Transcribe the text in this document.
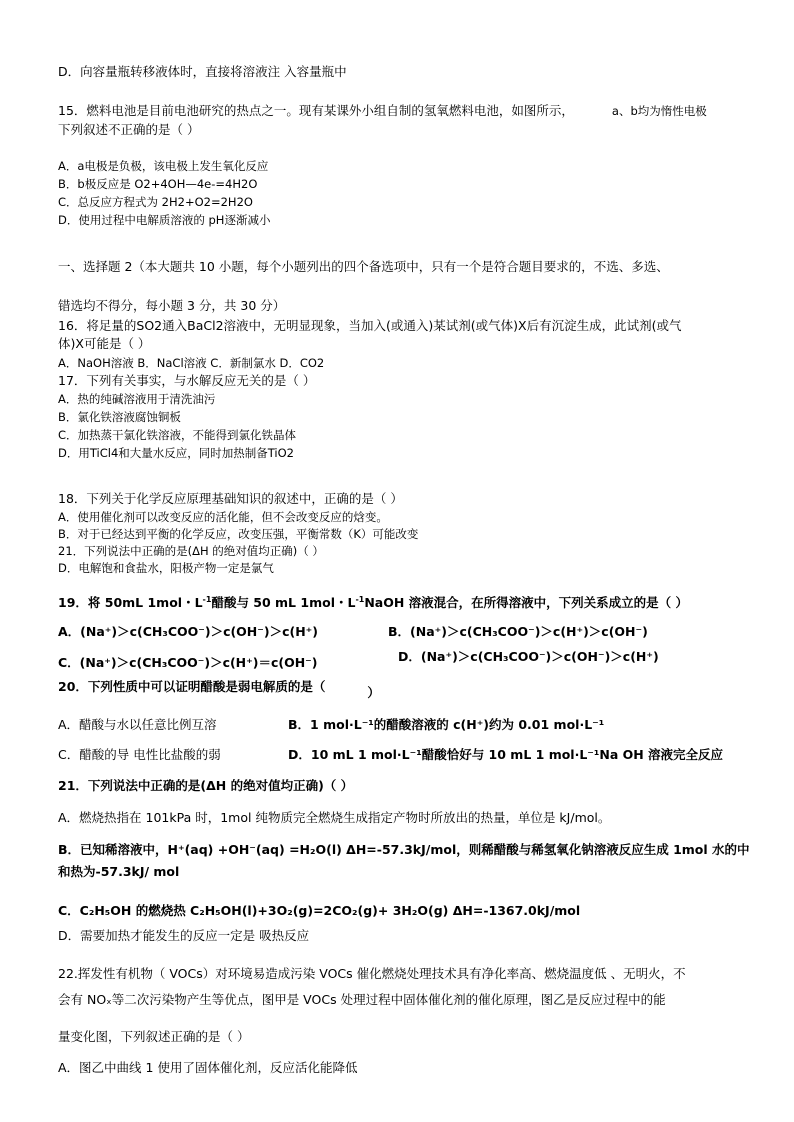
D．向容量瓶转移液体时，直接将溶液注 入容量瓶中
15．燃料电池是目前电池研究的热点之一。现有某课外小组自制的氢氧燃料电池，如图所示，	a、b均为惰性电极
下列叙述不正确的是（ ）
A．a电极是负极，该电极上发生氧化反应
B．b极反应是 O2+4OH—4e-=4H2O
C．总反应方程式为 2H2+O2=2H2O
D．使用过程中电解质溶液的 pH逐渐减小
一、选择题 2（本大题共 10 小题，每个小题列出的四个备选项中，只有一个是符合题目要求的，不选、多选、
错选均不得分，每小题 3 分，共 30 分）
16．将足量的SO2通入BaCl2溶液中，无明显现象，当加入(或通入)某试剂(或气体)X后有沉淀生成，此试剂(或气
体)X可能是（ ）
A．NaOH溶液 B．NaCl溶液 C．新制氯水 D．CO2
17．下列有关事实，与水解反应无关的是（ ）
A．热的纯碱溶液用于清洗油污
B．氯化铁溶液腐蚀铜板
C．加热蒸干氯化铁溶液，不能得到氯化铁晶体
D．用TiCl4和大量水反应，同时加热制备TiO2
18．下列关于化学反应原理基础知识的叙述中，正确的是（ ）
A．使用催化剂可以改变反应的活化能，但不会改变反应的焓变。
B．对于已经达到平衡的化学反应，改变压强，平衡常数（K）可能改变
21．下列说法中正确的是(ΔH 的绝对值均正确)（ ）
D．电解饱和食盐水，阳极产物一定是氯气
19．将 50mL 1mol・$L^{-1}$醋酸与 50 mL 1mol・$L^{-1}NaOH$ 溶液混合，在所得溶液中，下列关系成立的是（ ）
A．(Na⁺)＞c(CH₃COO⁻)＞c(OH⁻)＞c(H⁺)	B．(Na⁺)＞c(CH₃COO⁻)＞c(H⁺)＞c(OH⁻)
C．(Na⁺)＞c(CH₃COO⁻)＞c(H⁺)＝c(OH⁻)	D．(Na⁺)＞c(CH₃COO⁻)＞c(OH⁻)＞c(H⁺)
20．下列性质中可以证明醋酸是弱电解质的是（	）
A．醋酸与水以任意比例互溶	B．1 mol·L⁻¹的醋酸溶液的 c(H⁺)约为 0.01 mol·L⁻¹
C．醋酸的导 电性比盐酸的弱	D．10 mL 1 mol·L⁻¹醋酸恰好与 10 mL 1 mol·L⁻¹Na OH 溶液完全反应
21．下列说法中正确的是(ΔH 的绝对值均正确)（ ）
A．燃烧热指在 101kPa 时，1mol 纯物质完全燃烧生成指定产物时所放出的热量，单位是 kJ/mol。
B．已知稀溶液中，H⁺(aq) +OH⁻(aq) =H₂O(l) ΔH=-57.3kJ/mol，则稀醋酸与稀氢氧化钠溶液反应生成 1mol 水的中
和热为-57.3kJ/ mol
C．C₂H₅OH 的燃烧热 C₂H₅OH(l)+3O₂(g)=2CO₂(g)+ 3H₂O(g) ΔH=-1367.0kJ/mol
D．需要加热才能发生的反应一定是 吸热反应
22.挥发性有机物（ VOCs）对环境易造成污染 VOCs 催化燃烧处理技术具有净化率高、燃烧温度低 、无明火，不
会有 NOₓ等二次污染物产生等优点，图甲是 VOCs 处理过程中固体催化剂的催化原理，图乙是反应过程中的能
量变化图，下列叙述正确的是（ ）
A．图乙中曲线 1 使用了固体催化剂，反应活化能降低
